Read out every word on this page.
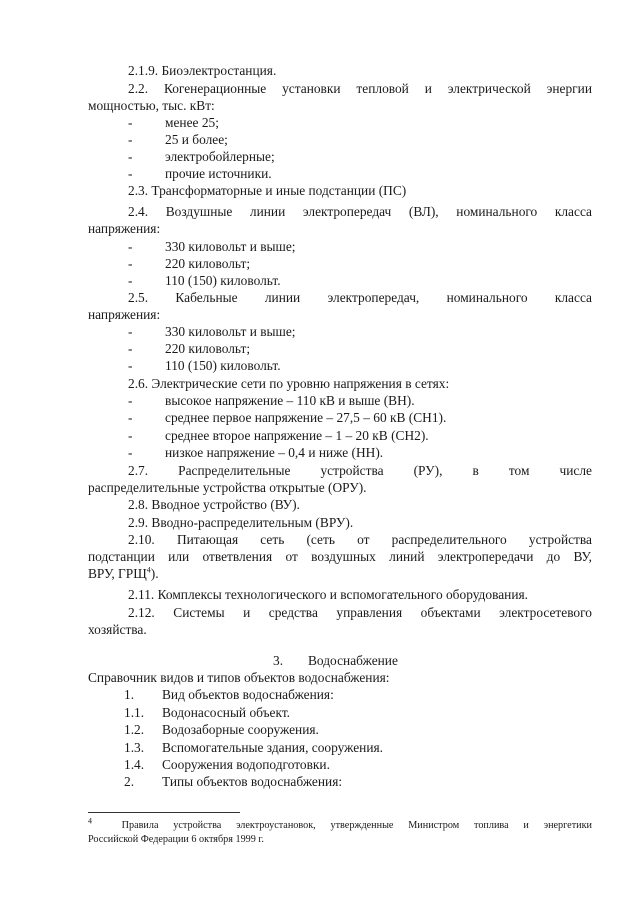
2.1.9. Биоэлектростанция.
2.2. Когенерационные установки тепловой и электрической энергии
мощностью, тыс. кВт:
- менее 25;
- 25 и более;
- электробойлерные;
- прочие источники.
2.3. Трансформаторные и иные подстанции (ПС)
2.4. Воздушные линии электропередач (ВЛ), номинального класса
напряжения:
- 330 киловольт и выше;
- 220 киловольт;
- 110 (150) киловольт.
2.5. Кабельные линии электропередач, номинального класса
напряжения:
- 330 киловольт и выше;
- 220 киловольт;
- 110 (150) киловольт.
2.6. Электрические сети по уровню напряжения в сетях:
- высокое напряжение – 110 кВ и выше (ВН).
- среднее первое напряжение – 27,5 – 60 кВ (СН1).
- среднее второе напряжение – 1 – 20 кВ (СН2).
- низкое напряжение – 0,4 и ниже (НН).
2.7. Распределительные устройства (РУ), в том числе
распределительные устройства открытые (ОРУ).
2.8. Вводное устройство (ВУ).
2.9. Вводно-распределительным (ВРУ).
2.10. Питающая сеть (сеть от распределительного устройства
подстанции или ответвления от воздушных линий электропередачи до ВУ,
ВРУ, ГРЩ$^4$).
2.11. Комплексы технологического и вспомогательного оборудования.
2.12. Системы и средства управления объектами электросетевого
хозяйства.
3. Водоснабжение
Справочник видов и типов объектов водоснабжения:
1. Вид объектов водоснабжения:
1.1. Водонасосный объект.
1.2. Водозаборные сооружения.
1.3. Вспомогательные здания, сооружения.
1.4. Сооружения водоподготовки.
2. Типы объектов водоснабжения:
$^4$	Правила устройства электроустановок, утвержденные Министром топлива и энергетики
Российской Федерации 6 октября 1999 г.
